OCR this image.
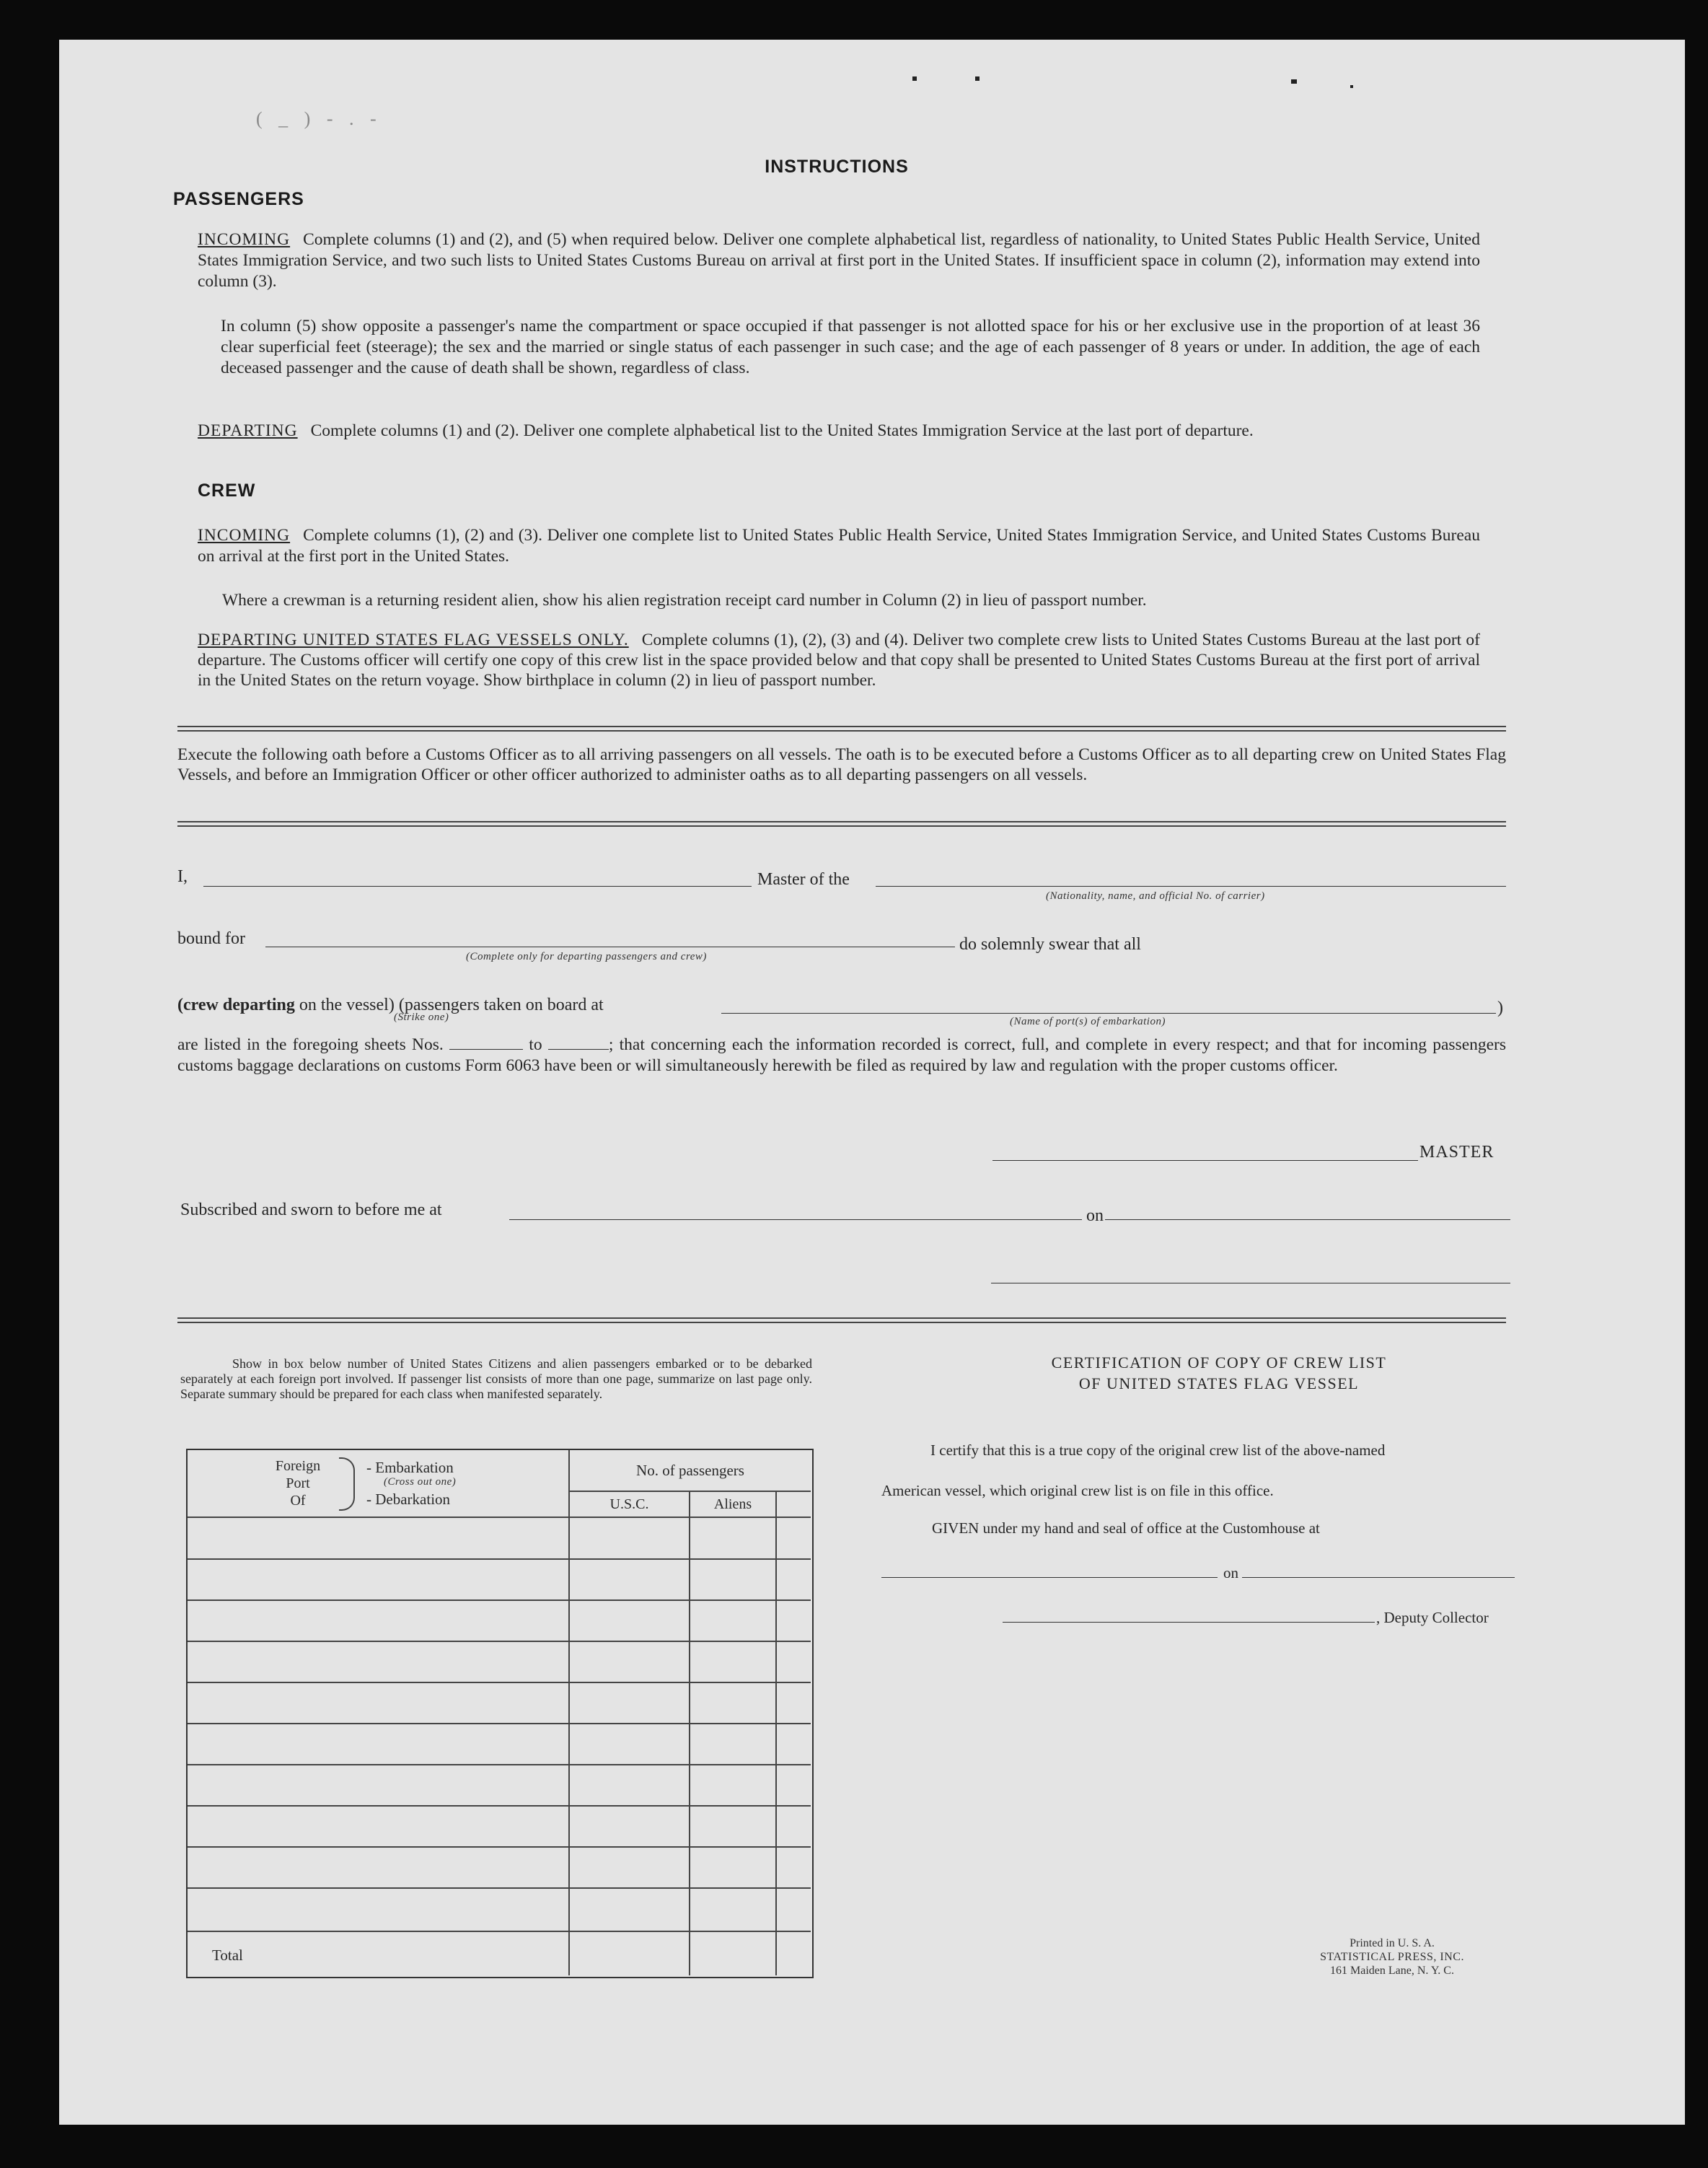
( _ ) - . -
INSTRUCTIONS
PASSENGERS
INCOMING Complete columns (1) and (2), and (5) when required below. Deliver one complete alphabetical list, regardless of nationality, to United States Public Health Service, United States Immigration Service, and two such lists to United States Customs Bureau on arrival at first port in the United States. If insufficient space in column (2), information may extend into column (3).
In column (5) show opposite a passenger's name the compartment or space occupied if that passenger is not allotted space for his or her exclusive use in the proportion of at least 36 clear superficial feet (steerage); the sex and the married or single status of each passenger in such case; and the age of each passenger of 8 years or under. In addition, the age of each deceased passenger and the cause of death shall be shown, regardless of class.
DEPARTING Complete columns (1) and (2). Deliver one complete alphabetical list to the United States Immigration Service at the last port of departure.
CREW
INCOMING Complete columns (1), (2) and (3). Deliver one complete list to United States Public Health Service, United States Immigration Service, and United States Customs Bureau on arrival at the first port in the United States.
Where a crewman is a returning resident alien, show his alien registration receipt card number in Column (2) in lieu of passport number.
DEPARTING UNITED STATES FLAG VESSELS ONLY. Complete columns (1), (2), (3) and (4). Deliver two complete crew lists to United States Customs Bureau at the last port of departure. The Customs officer will certify one copy of this crew list in the space provided below and that copy shall be presented to United States Customs Bureau at the first port of arrival in the United States on the return voyage. Show birthplace in column (2) in lieu of passport number.
Execute the following oath before a Customs Officer as to all arriving passengers on all vessels. The oath is to be executed before a Customs Officer as to all departing crew on United States Flag Vessels, and before an Immigration Officer or other officer authorized to administer oaths as to all departing passengers on all vessels.
I,	Master of the
(Nationality, name, and official No. of carrier)
bound for
(Complete only for departing passengers and crew)
do solemnly swear that all
(crew departing on the vessel) (passengers taken on board at	)
(Strike one)	(Name of port(s) of embarkation)
are listed in the foregoing sheets Nos.	to	; that concerning each the information recorded is correct, full, and complete in every respect; and that for incoming passengers customs baggage declarations on customs Form 6063 have been or will simultaneously herewith be filed as required by law and regulation with the proper customs officer.
MASTER
Subscribed and sworn to before me at	on
Show in box below number of United States Citizens and alien passengers embarked or to be debarked separately at each foreign port involved. If passenger list consists of more than one page, summarize on last page only. Separate summary should be prepared for each class when manifested separately.
Foreign
Port
Of
- Embarkation
(Cross out one)
- Debarkation
No. of passengers
U.S.C.	Aliens
Total
CERTIFICATION OF COPY OF CREW LIST
OF UNITED STATES FLAG VESSEL
I certify that this is a true copy of the original crew list of the above-named
American vessel, which original crew list is on file in this office.
GIVEN under my hand and seal of office at the Customhouse at
on
, Deputy Collector
Printed in U. S. A.
STATISTICAL PRESS, INC.
161 Maiden Lane, N. Y. C.
